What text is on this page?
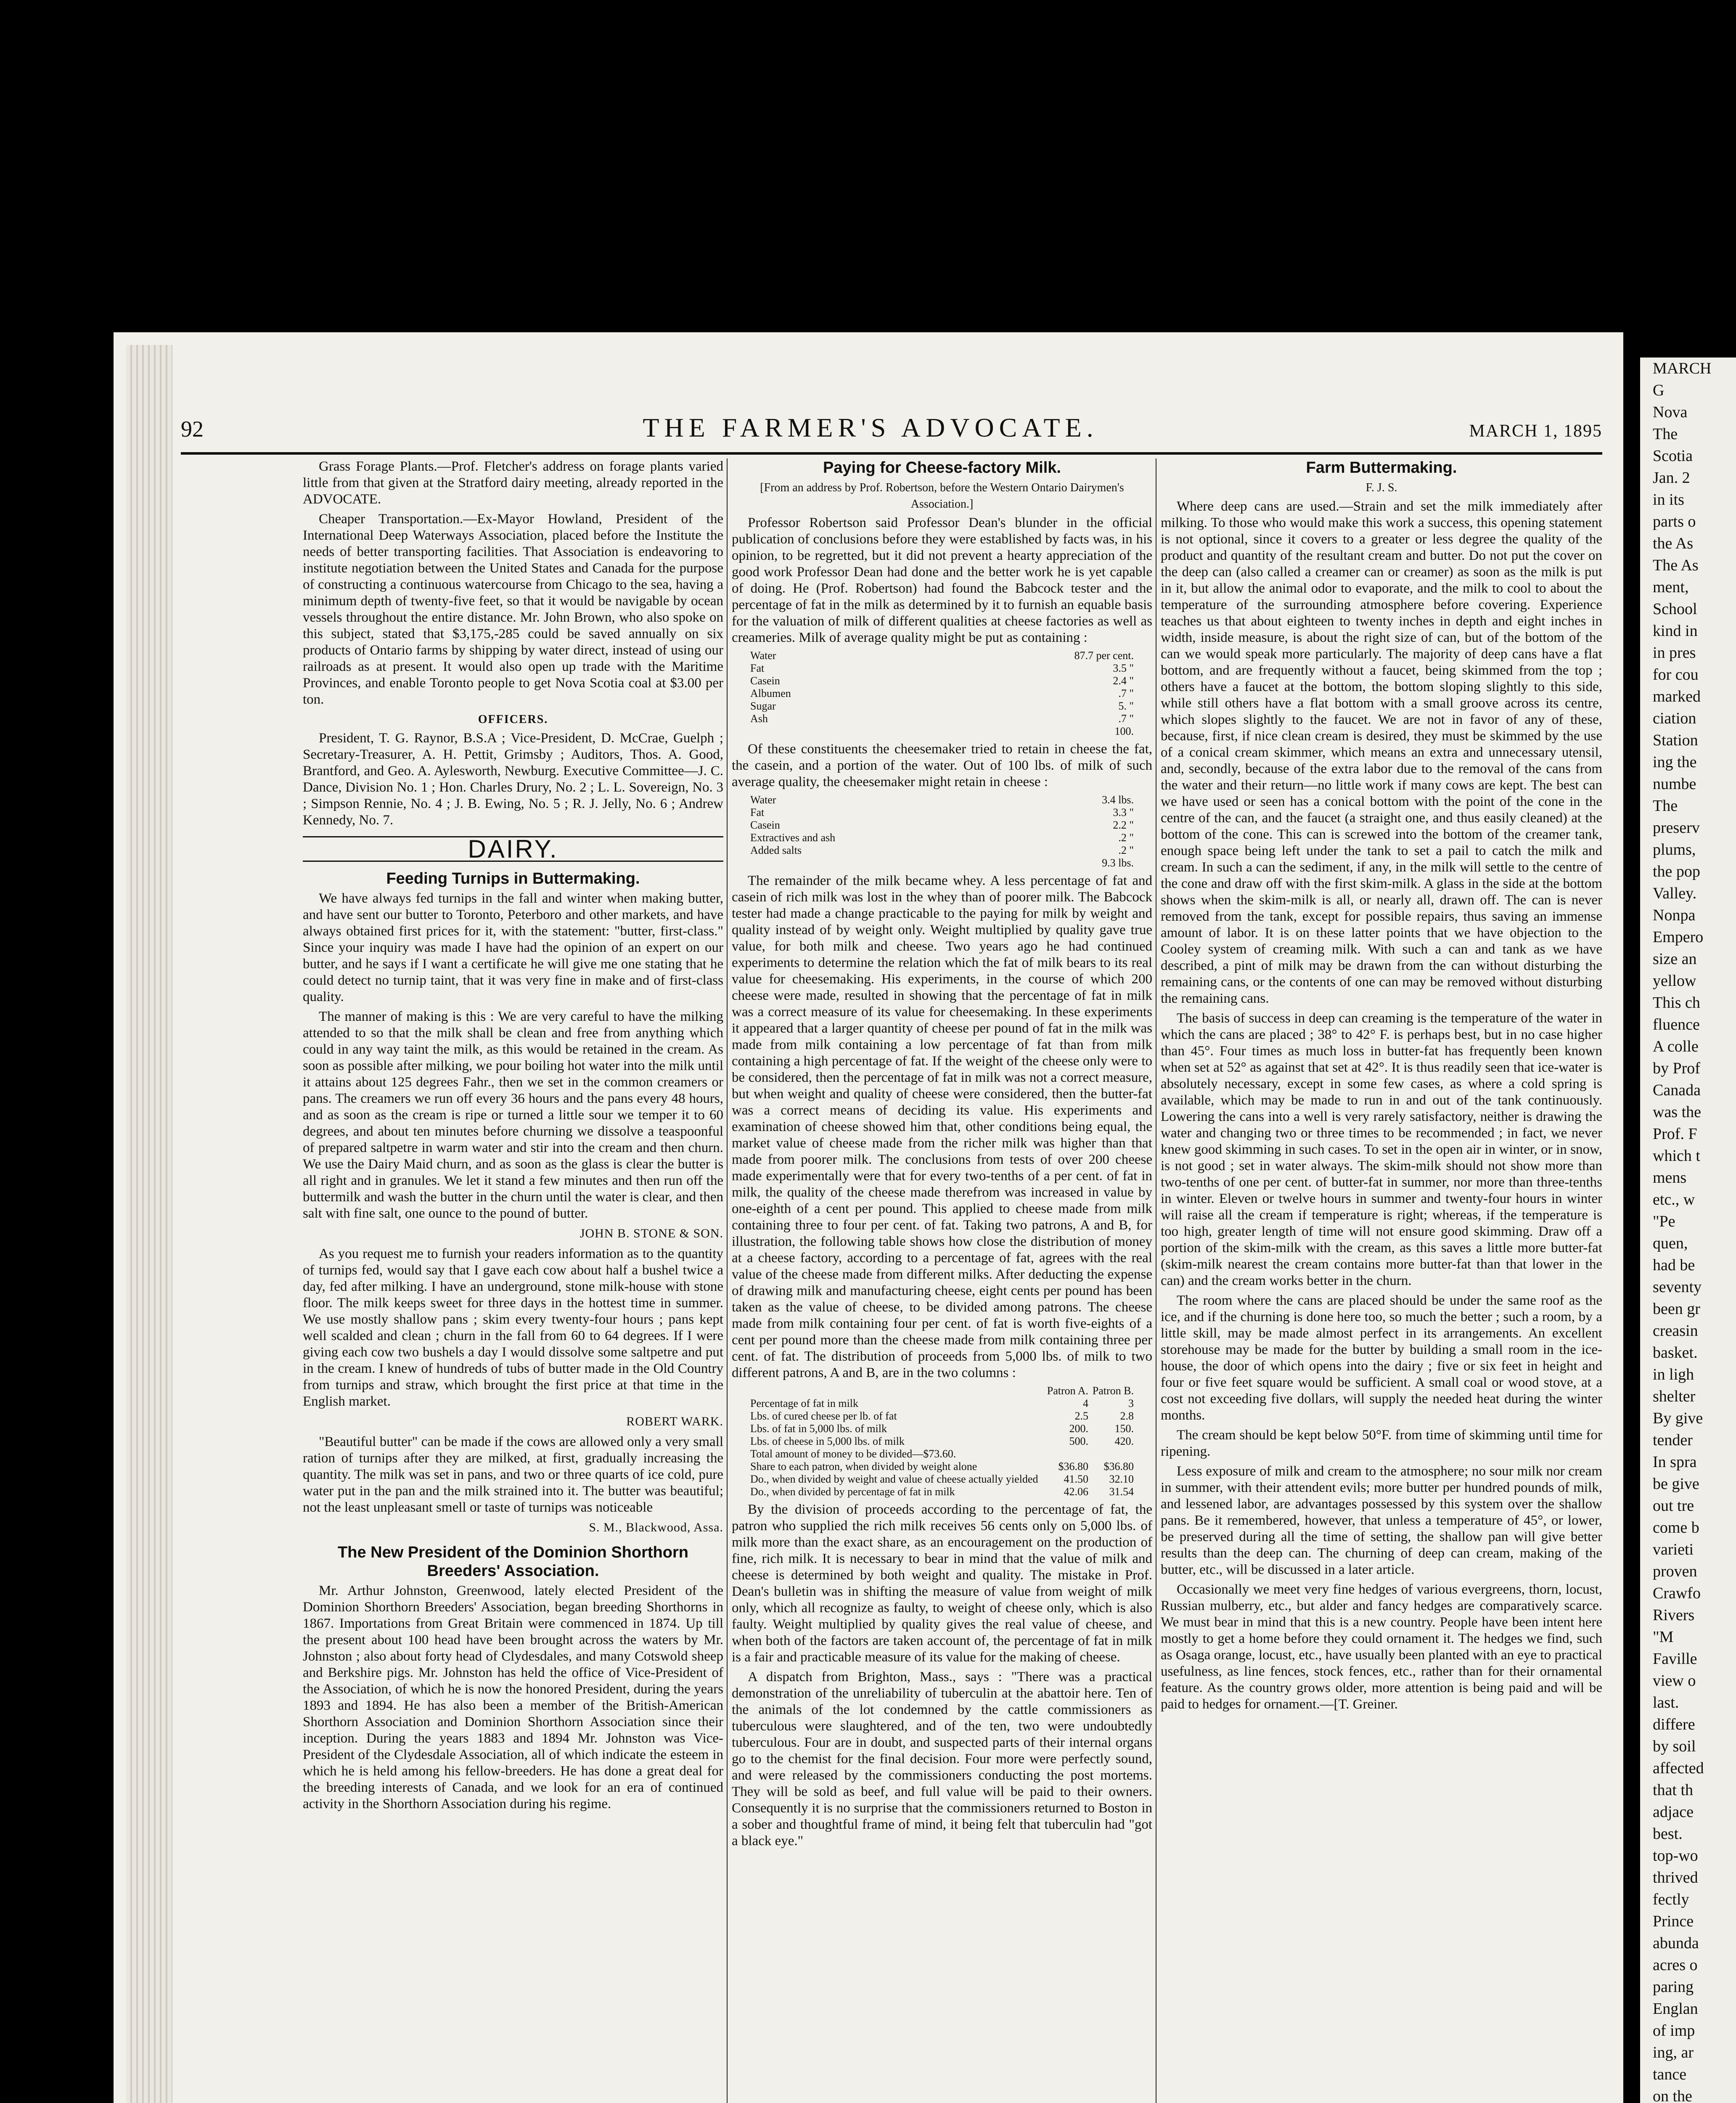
MARCH
G
Nova
The
Scotia
Jan. 2
in its
parts o
the As
The As
ment,
School
kind in
in pres
for cou
marked
ciation
Station
ing the
numbe
The
preserv
plums,
the pop
Valley.
Nonpa
Empero
size an
yellow
This ch
fluence
A colle
by Prof
Canada
was the
Prof. F
which t
mens
etc., w
"Pe
quen,
had be
seventy
been gr
creasin
basket.
in ligh
shelter
By give
tender
In spra
be give
out tre
come b
varieti
proven
Crawfo
Rivers
"M
Faville
view o
last.
differe
by soil
affected
that th
adjace
best.
top-wo
thrived
fectly
Prince
abunda
acres o
paring
Englan
of imp
ing, ar
tance
on the
92	THE FARMER'S ADVOCATE.	MARCH 1, 1895

Grass Forage Plants.—Prof. Fletcher's address on forage plants varied little from that given at the Stratford dairy meeting, already reported in the ADVOCATE.

Cheaper Transportation.—Ex-Mayor Howland, President of the International Deep Waterways Association, placed before the Institute the needs of better transporting facilities. That Association is endeavoring to institute negotiation between the United States and Canada for the purpose of constructing a continuous watercourse from Chicago to the sea, having a minimum depth of twenty-five feet, so that it would be navigable by ocean vessels throughout the entire distance. Mr. John Brown, who also spoke on this subject, stated that $3,175,-285 could be saved annually on six products of Ontario farms by shipping by water direct, instead of using our railroads as at present. It would also open up trade with the Maritime Provinces, and enable Toronto people to get Nova Scotia coal at $3.00 per ton.

OFFICERS.

President, T. G. Raynor, B.S.A ; Vice-President, D. McCrae, Guelph ; Secretary-Treasurer, A. H. Pettit, Grimsby ; Auditors, Thos. A. Good, Brantford, and Geo. A. Aylesworth, Newburg. Executive Committee—J. C. Dance, Division No. 1 ; Hon. Charles Drury, No. 2 ; L. L. Sovereign, No. 3 ; Simpson Rennie, No. 4 ; J. B. Ewing, No. 5 ; R. J. Jelly, No. 6 ; Andrew Kennedy, No. 7.

DAIRY.
Feeding Turnips in Buttermaking.

We have always fed turnips in the fall and winter when making butter, and have sent our butter to Toronto, Peterboro and other markets, and have always obtained first prices for it, with the statement: "butter, first-class." Since your inquiry was made I have had the opinion of an expert on our butter, and he says if I want a certificate he will give me one stating that he could detect no turnip taint, that it was very fine in make and of first-class quality.

The manner of making is this : We are very careful to have the milking attended to so that the milk shall be clean and free from anything which could in any way taint the milk, as this would be retained in the cream. As soon as possible after milking, we pour boiling hot water into the milk until it attains about 125 degrees Fahr., then we set in the common creamers or pans. The creamers we run off every 36 hours and the pans every 48 hours, and as soon as the cream is ripe or turned a little sour we temper it to 60 degrees, and about ten minutes before churning we dissolve a teaspoonful of prepared saltpetre in warm water and stir into the cream and then churn. We use the Dairy Maid churn, and as soon as the glass is clear the butter is all right and in granules. We let it stand a few minutes and then run off the buttermilk and wash the butter in the churn until the water is clear, and then salt with fine salt, one ounce to the pound of butter.

JOHN B. STONE & SON.

As you request me to furnish your readers information as to the quantity of turnips fed, would say that I gave each cow about half a bushel twice a day, fed after milking. I have an underground, stone milk-house with stone floor. The milk keeps sweet for three days in the hottest time in summer. We use mostly shallow pans ; skim every twenty-four hours ; pans kept well scalded and clean ; churn in the fall from 60 to 64 degrees. If I were giving each cow two bushels a day I would dissolve some saltpetre and put in the cream. I knew of hundreds of tubs of butter made in the Old Country from turnips and straw, which brought the first price at that time in the English market.

ROBERT WARK.

"Beautiful butter" can be made if the cows are allowed only a very small ration of turnips after they are milked, at first, gradually increasing the quantity. The milk was set in pans, and two or three quarts of ice cold, pure water put in the pan and the milk strained into it. The butter was beautiful; not the least unpleasant smell or taste of turnips was noticeable

S. M., Blackwood, Assa.
The New President of the Dominion Shorthorn Breeders' Association.

Mr. Arthur Johnston, Greenwood, lately elected President of the Dominion Shorthorn Breeders' Association, began breeding Shorthorns in 1867. Importations from Great Britain were commenced in 1874. Up till the present about 100 head have been brought across the waters by Mr. Johnston ; also about forty head of Clydesdales, and many Cotswold sheep and Berkshire pigs. Mr. Johnston has held the office of Vice-President of the Association, of which he is now the honored President, during the years 1893 and 1894. He has also been a member of the British-American Shorthorn Association and Dominion Shorthorn Association since their inception. During the years 1883 and 1894 Mr. Johnston was Vice-President of the Clydesdale Association, all of which indicate the esteem in which he is held among his fellow-breeders. He has done a great deal for the breeding interests of Canada, and we look for an era of continued activity in the Shorthorn Association during his regime.

Paying for Cheese-factory Milk.
[From an address by Prof. Robertson, before the Western Ontario Dairymen's Association.]

Professor Robertson said Professor Dean's blunder in the official publication of conclusions before they were established by facts was, in his opinion, to be regretted, but it did not prevent a hearty appreciation of the good work Professor Dean had done and the better work he is yet capable of doing. He (Prof. Robertson) had found the Babcock tester and the percentage of fat in the milk as determined by it to furnish an equable basis for the valuation of milk of different qualities at cheese factories as well as creameries. Milk of average quality might be put as containing :

Water	87.7 per cent.
Fat	3.5 "
Casein	2.4 "
Albumen	.7 "
Sugar	5. "
Ash	.7 "
	100.

Of these constituents the cheesemaker tried to retain in cheese the fat, the casein, and a portion of the water. Out of 100 lbs. of milk of such average quality, the cheesemaker might retain in cheese :

Water	3.4 lbs.
Fat	3.3 "
Casein	2.2 "
Extractives and ash	.2 "
Added salts	.2 "
	9.3 lbs.

The remainder of the milk became whey. A less percentage of fat and casein of rich milk was lost in the whey than of poorer milk. The Babcock tester had made a change practicable to the paying for milk by weight and quality instead of by weight only. Weight multiplied by quality gave true value, for both milk and cheese. Two years ago he had continued experiments to determine the relation which the fat of milk bears to its real value for cheesemaking. His experiments, in the course of which 200 cheese were made, resulted in showing that the percentage of fat in milk was a correct measure of its value for cheesemaking. In these experiments it appeared that a larger quantity of cheese per pound of fat in the milk was made from milk containing a low percentage of fat than from milk containing a high percentage of fat. If the weight of the cheese only were to be considered, then the percentage of fat in milk was not a correct measure, but when weight and quality of cheese were considered, then the butter-fat was a correct means of deciding its value. His experiments and examination of cheese showed him that, other conditions being equal, the market value of cheese made from the richer milk was higher than that made from poorer milk. The conclusions from tests of over 200 cheese made experimentally were that for every two-tenths of a per cent. of fat in milk, the quality of the cheese made therefrom was increased in value by one-eighth of a cent per pound. This applied to cheese made from milk containing three to four per cent. of fat. Taking two patrons, A and B, for illustration, the following table shows how close the distribution of money at a cheese factory, according to a percentage of fat, agrees with the real value of the cheese made from different milks. After deducting the expense of drawing milk and manufacturing cheese, eight cents per pound has been taken as the value of cheese, to be divided among patrons. The cheese made from milk containing four per cent. of fat is worth five-eights of a cent per pound more than the cheese made from milk containing three per cent. of fat. The distribution of proceeds from 5,000 lbs. of milk to two different patrons, A and B, are in the two columns :

	Patron A.	Patron B.
Percentage of fat in milk	4	3
Lbs. of cured cheese per lb. of fat	2.5	2.8
Lbs. of fat in 5,000 lbs. of milk	200.	150.
Lbs. of cheese in 5,000 lbs. of milk	500.	420.
Total amount of money to be divided—$73.60.		
Share to each patron, when divided by weight alone	$36.80	$36.80
Do., when divided by weight and value of cheese actually yielded	41.50	32.10
Do., when divided by percentage of fat in milk	42.06	31.54

By the division of proceeds according to the percentage of fat, the patron who supplied the rich milk receives 56 cents only on 5,000 lbs. of milk more than the exact share, as an encouragement on the production of fine, rich milk. It is necessary to bear in mind that the value of milk and cheese is determined by both weight and quality. The mistake in Prof. Dean's bulletin was in shifting the measure of value from weight of milk only, which all recognize as faulty, to weight of cheese only, which is also faulty. Weight multiplied by quality gives the real value of cheese, and when both of the factors are taken account of, the percentage of fat in milk is a fair and practicable measure of its value for the making of cheese.

A dispatch from Brighton, Mass., says : "There was a practical demonstration of the unreliability of tuberculin at the abattoir here. Ten of the animals of the lot condemned by the cattle commissioners as tuberculous were slaughtered, and of the ten, two were undoubtedly tuberculous. Four are in doubt, and suspected parts of their internal organs go to the chemist for the final decision. Four more were perfectly sound, and were released by the commissioners conducting the post mortems. They will be sold as beef, and full value will be paid to their owners. Consequently it is no surprise that the commissioners returned to Boston in a sober and thoughtful frame of mind, it being felt that tuberculin had "got a black eye."

Farm Buttermaking.
F. J. S.

Where deep cans are used.—Strain and set the milk immediately after milking. To those who would make this work a success, this opening statement is not optional, since it covers to a greater or less degree the quality of the product and quantity of the resultant cream and butter. Do not put the cover on the deep can (also called a creamer can or creamer) as soon as the milk is put in it, but allow the animal odor to evaporate, and the milk to cool to about the temperature of the surrounding atmosphere before covering. Experience teaches us that about eighteen to twenty inches in depth and eight inches in width, inside measure, is about the right size of can, but of the bottom of the can we would speak more particularly. The majority of deep cans have a flat bottom, and are frequently without a faucet, being skimmed from the top ; others have a faucet at the bottom, the bottom sloping slightly to this side, while still others have a flat bottom with a small groove across its centre, which slopes slightly to the faucet. We are not in favor of any of these, because, first, if nice clean cream is desired, they must be skimmed by the use of a conical cream skimmer, which means an extra and unnecessary utensil, and, secondly, because of the extra labor due to the removal of the cans from the water and their return—no little work if many cows are kept. The best can we have used or seen has a conical bottom with the point of the cone in the centre of the can, and the faucet (a straight one, and thus easily cleaned) at the bottom of the cone. This can is screwed into the bottom of the creamer tank, enough space being left under the tank to set a pail to catch the milk and cream. In such a can the sediment, if any, in the milk will settle to the centre of the cone and draw off with the first skim-milk. A glass in the side at the bottom shows when the skim-milk is all, or nearly all, drawn off. The can is never removed from the tank, except for possible repairs, thus saving an immense amount of labor. It is on these latter points that we have objection to the Cooley system of creaming milk. With such a can and tank as we have described, a pint of milk may be drawn from the can without disturbing the remaining cans, or the contents of one can may be removed without disturbing the remaining cans.

The basis of success in deep can creaming is the temperature of the water in which the cans are placed ; 38° to 42° F. is perhaps best, but in no case higher than 45°. Four times as much loss in butter-fat has frequently been known when set at 52° as against that set at 42°. It is thus readily seen that ice-water is absolutely necessary, except in some few cases, as where a cold spring is available, which may be made to run in and out of the tank continuously. Lowering the cans into a well is very rarely satisfactory, neither is drawing the water and changing two or three times to be recommended ; in fact, we never knew good skimming in such cases. To set in the open air in winter, or in snow, is not good ; set in water always. The skim-milk should not show more than two-tenths of one per cent. of butter-fat in summer, nor more than three-tenths in winter. Eleven or twelve hours in summer and twenty-four hours in winter will raise all the cream if temperature is right; whereas, if the temperature is too high, greater length of time will not ensure good skimming. Draw off a portion of the skim-milk with the cream, as this saves a little more butter-fat (skim-milk nearest the cream contains more butter-fat than that lower in the can) and the cream works better in the churn.

The room where the cans are placed should be under the same roof as the ice, and if the churning is done here too, so much the better ; such a room, by a little skill, may be made almost perfect in its arrangements. An excellent storehouse may be made for the butter by building a small room in the ice-house, the door of which opens into the dairy ; five or six feet in height and four or five feet square would be sufficient. A small coal or wood stove, at a cost not exceeding five dollars, will supply the needed heat during the winter months.

The cream should be kept below 50°F. from time of skimming until time for ripening.

Less exposure of milk and cream to the atmosphere; no sour milk nor cream in summer, with their attendent evils; more butter per hundred pounds of milk, and lessened labor, are advantages possessed by this system over the shallow pans. Be it remembered, however, that unless a temperature of 45°, or lower, be preserved during all the time of setting, the shallow pan will give better results than the deep can. The churning of deep can cream, making of the butter, etc., will be discussed in a later article.

Occasionally we meet very fine hedges of various evergreens, thorn, locust, Russian mulberry, etc., but alder and fancy hedges are comparatively scarce. We must bear in mind that this is a new country. People have been intent here mostly to get a home before they could ornament it. The hedges we find, such as Osaga orange, locust, etc., have usually been planted with an eye to practical usefulness, as line fences, stock fences, etc., rather than for their ornamental feature. As the country grows older, more attention is being paid and will be paid to hedges for ornament.—[T. Greiner.
